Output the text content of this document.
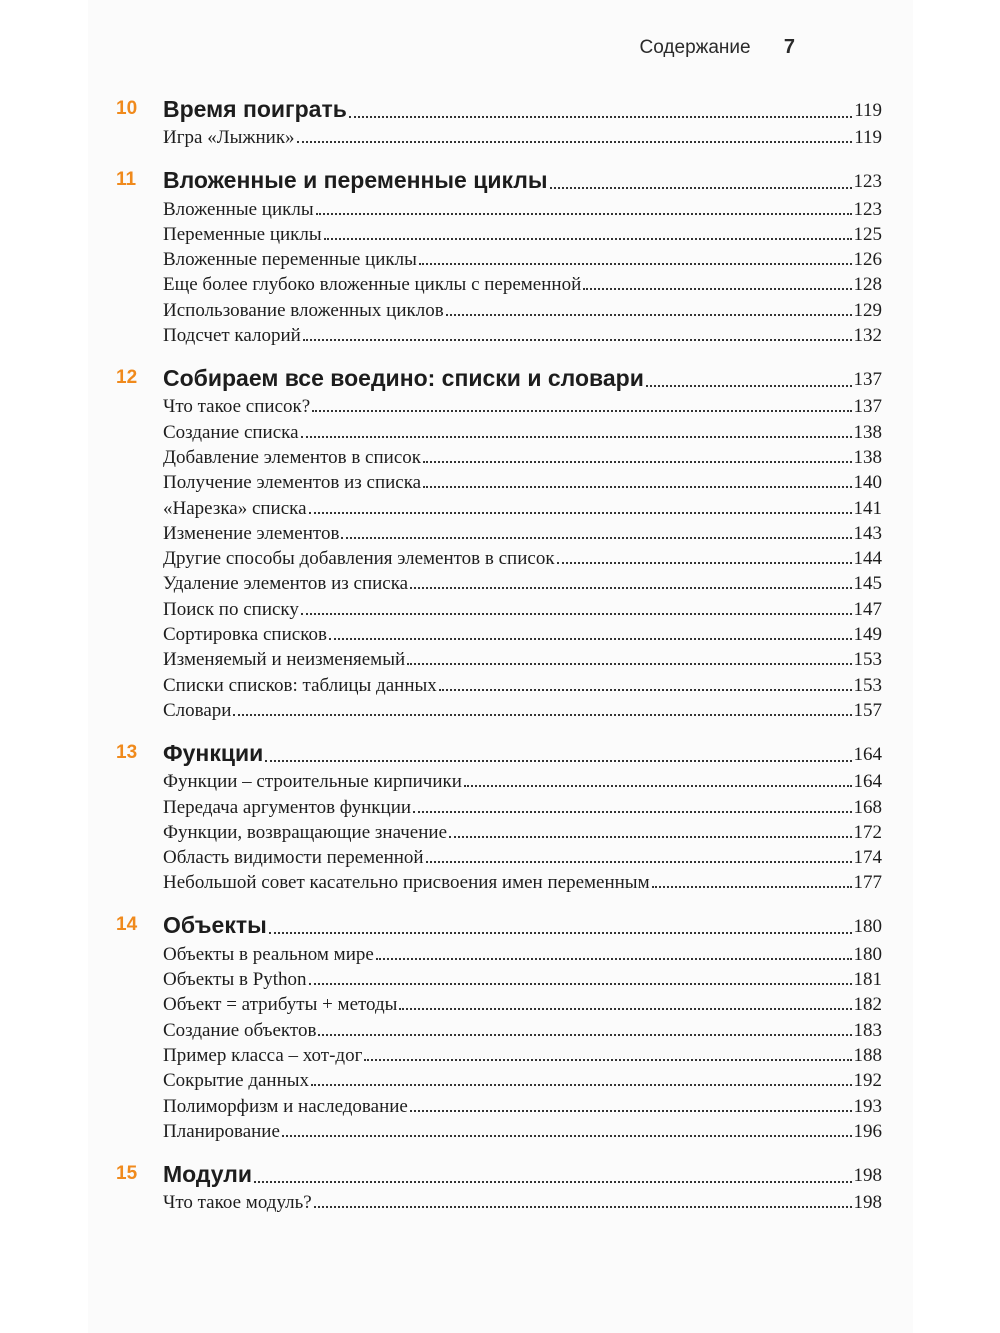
Содержание 7
10	Время поиграть	119
Игра «Лыжник»	119
11	Вложенные и переменные циклы	123
Вложенные циклы	123
Переменные циклы	125
Вложенные переменные циклы	126
Еще более глубоко вложенные циклы с переменной	128
Использование вложенных циклов	129
Подсчет калорий	132
12	Собираем все воедино: списки и словари	137
Что такое список?	137
Создание списка	138
Добавление элементов в список	138
Получение элементов из списка	140
«Нарезка» списка	141
Изменение элементов	143
Другие способы добавления элементов в список	144
Удаление элементов из списка	145
Поиск по списку	147
Сортировка списков	149
Изменяемый и неизменяемый	153
Списки списков: таблицы данных	153
Словари	157
13	Функции	164
Функции – строительные кирпичики	164
Передача аргументов функции	168
Функции, возвращающие значение	172
Область видимости переменной	174
Небольшой совет касательно присвоения имен переменным	177
14	Объекты	180
Объекты в реальном мире	180
Объекты в Python	181
Объект = атрибуты + методы	182
Создание объектов	183
Пример класса – хот-дог	188
Сокрытие данных	192
Полиморфизм и наследование	193
Планирование	196
15	Модули	198
Что такое модуль?	198
